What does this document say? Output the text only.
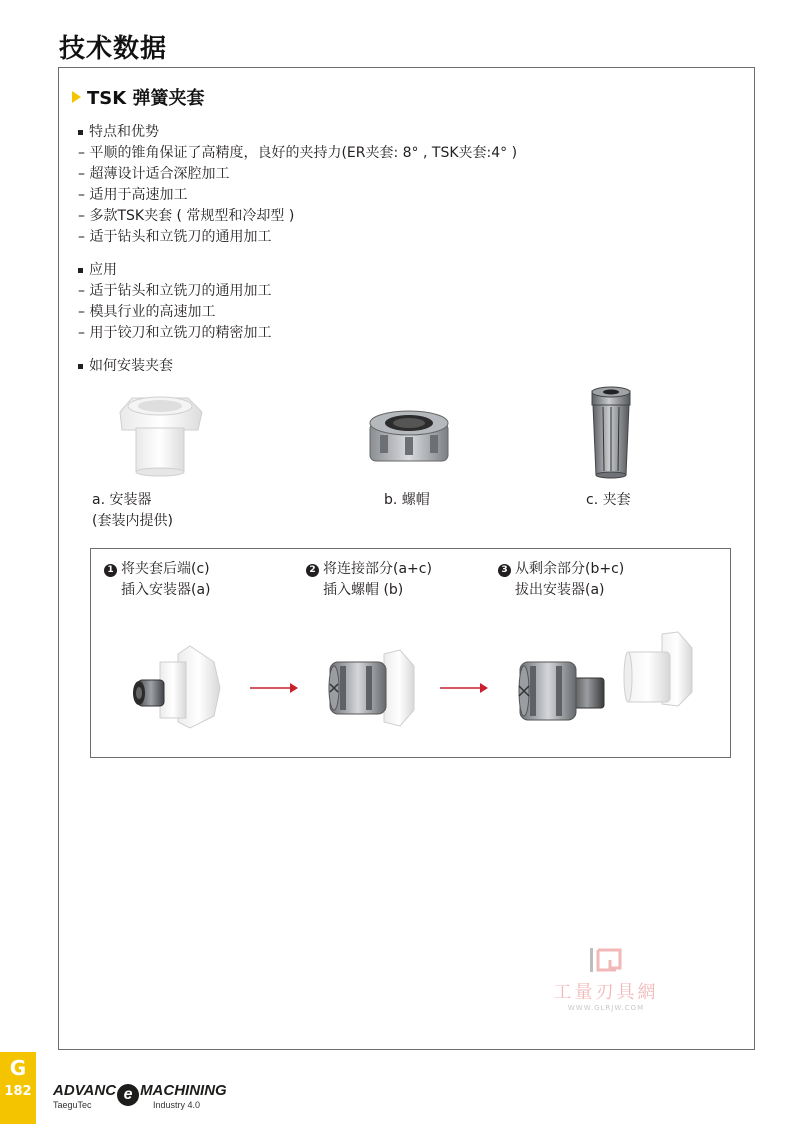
技术数据
TSK 弹簧夹套
特点和优势
– 平顺的锥角保证了高精度，良好的夹持力(ER夹套: 8° , TSK夹套:4° )
– 超薄设计适合深腔加工
– 适用于高速加工
– 多款TSK夹套 ( 常规型和冷却型 )
– 适于钻头和立铣刀的通用加工
应用
– 适于钻头和立铣刀的通用加工
– 模具行业的高速加工
– 用于铰刀和立铣刀的精密加工
如何安装夹套
a. 安装器
(套装内提供)
b. 螺帽	c. 夹套
1 将夹套后端(c)
插入安装器(a)
2 将连接部分(a+c)
插入螺帽 (b)
3 从剩余部分(b+c)
拔出安装器(a)
工量刃具網
WWW.GLRJW.COM
G
182 ADVANC e MACHINING
TaeguTec	Industry 4.0
